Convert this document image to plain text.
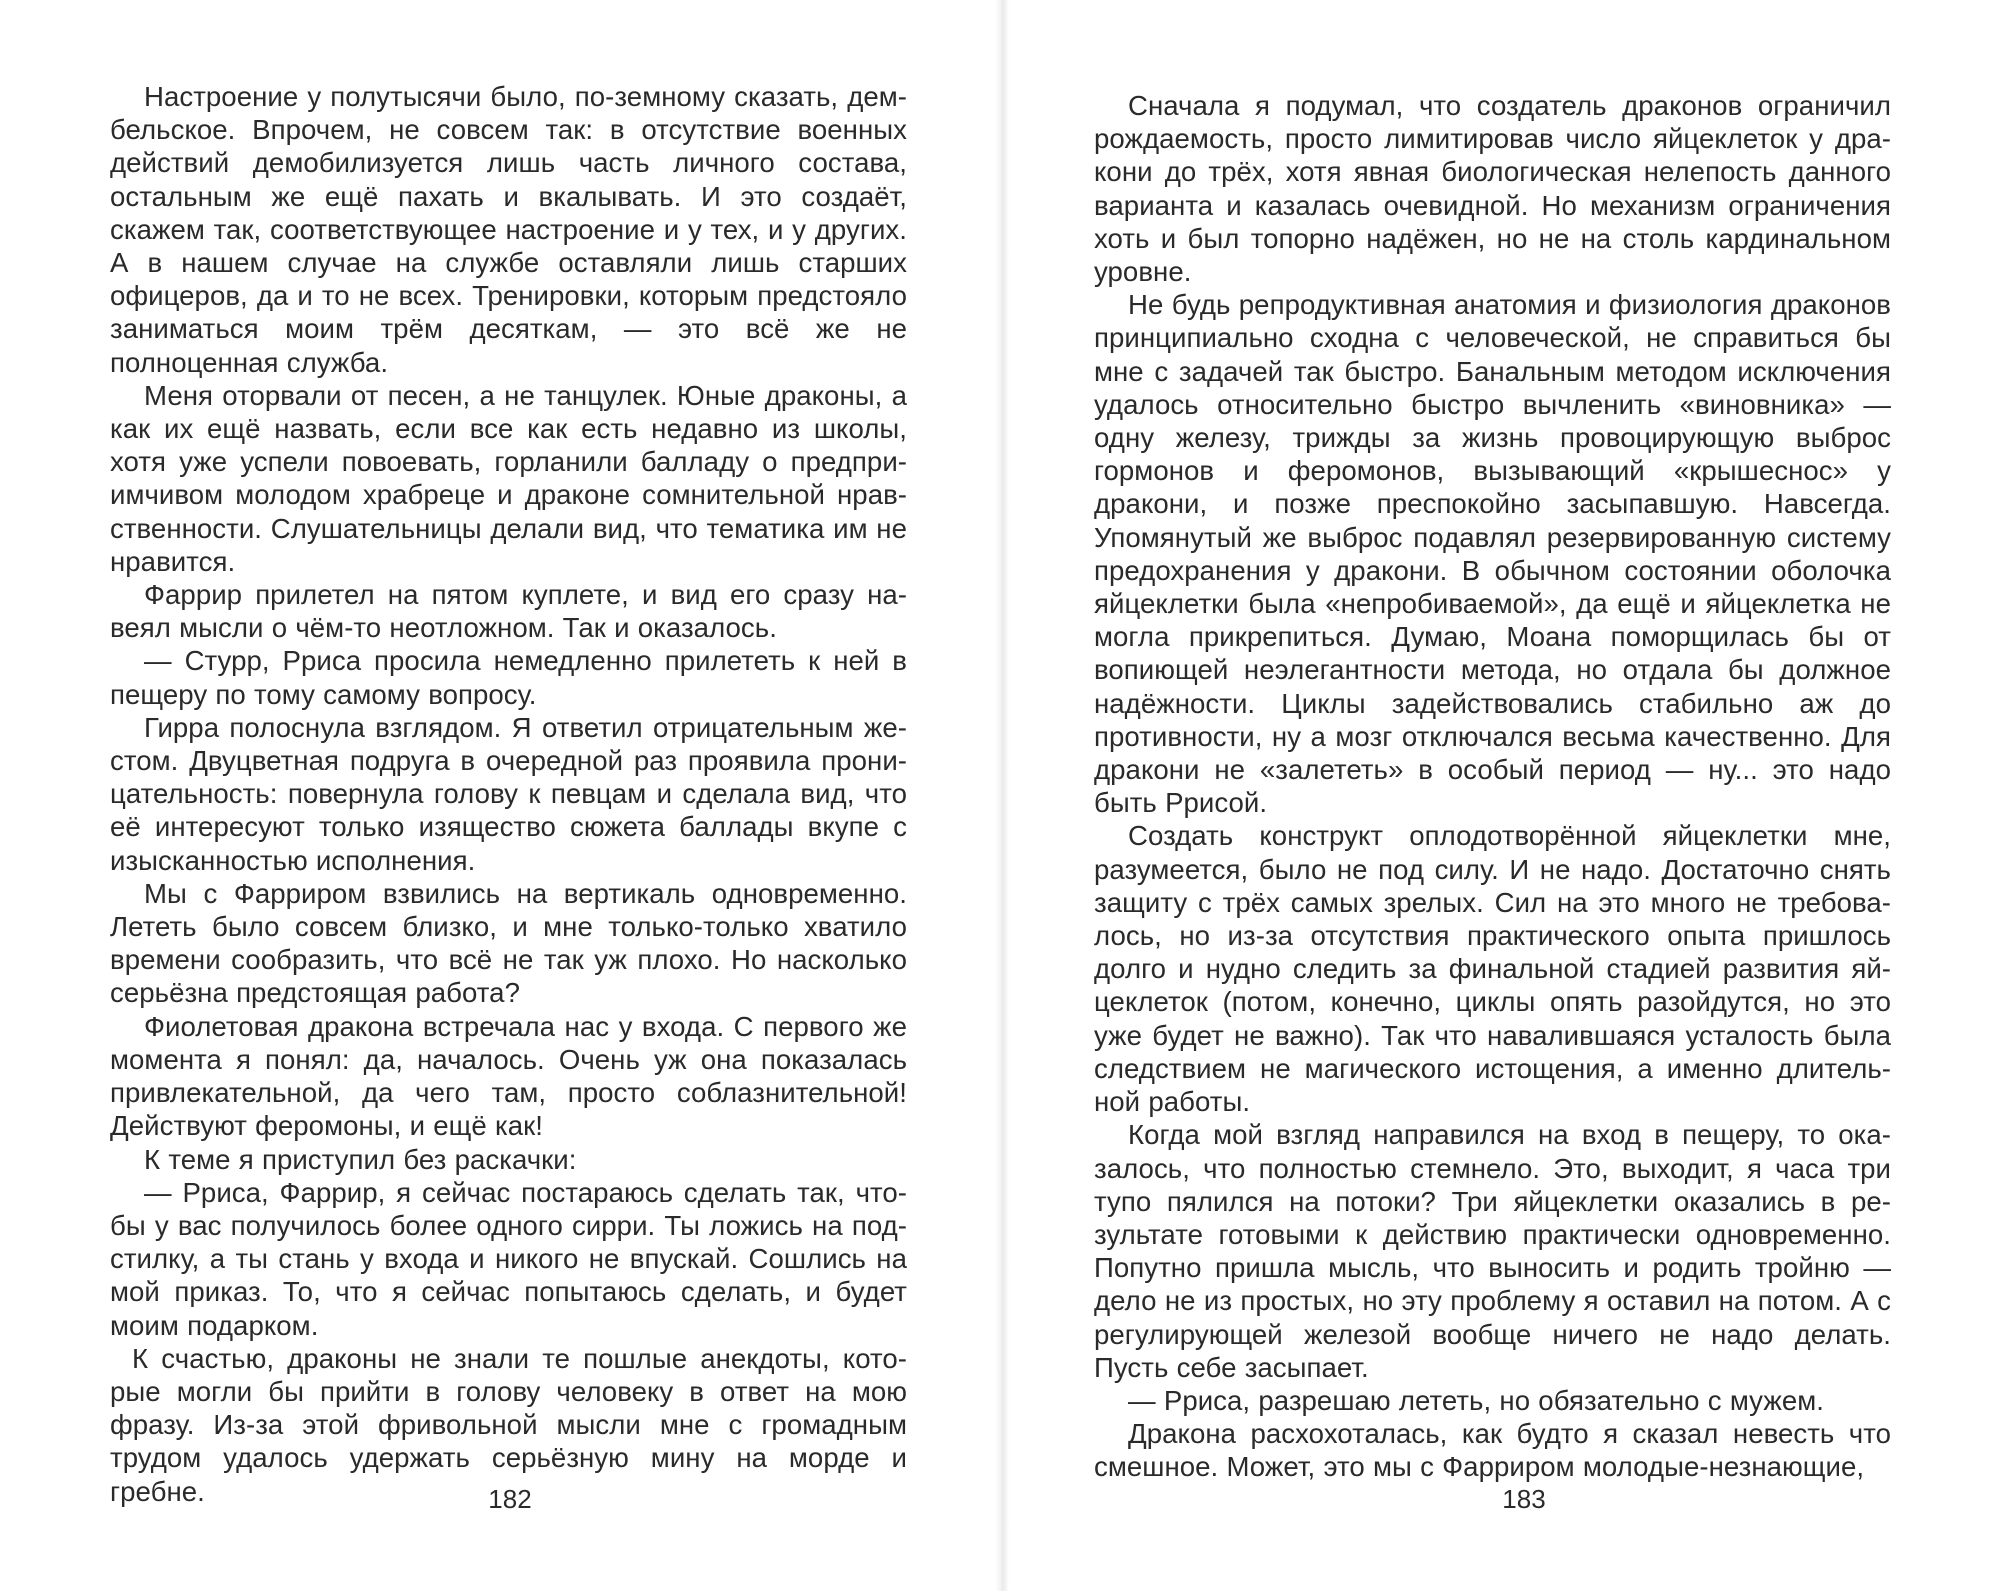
Настроение у полутысячи было, по-земному сказать, дембельское. Впрочем, не совсем так: в отсутствие военных действий демобилизуется лишь часть личного состава, остальным же ещё пахать и вкалывать. И это создаёт, скажем так, соответствующее настроение и у тех, и у других. А в нашем случае на службе оставляли лишь старших офицеров, да и то не всех. Тренировки, которым предстояло заниматься моим трём десяткам, — это всё же не полноценная служба.

Меня оторвали от песен, а не танцулек. Юные драконы, а как их ещё назвать, если все как есть недавно из школы, хотя уже успели повоевать, горланили балладу о предприимчивом молодом храбреце и драконе сомнительной нравственности. Слушательницы делали вид, что тематика им не нравится.

Фаррир прилетел на пятом куплете, и вид его сразу навеял мысли о чём-то неотложном. Так и оказалось.

— Стурр, Рриса просила немедленно прилететь к ней в пещеру по тому самому вопросу.

Гирра полоснула взглядом. Я ответил отрицательным жестом. Двуцветная подруга в очередной раз проявила проницательность: повернула голову к певцам и сделала вид, что её интересуют только изящество сюжета баллады вкупе с изысканностью исполнения.

Мы с Фарриром взвились на вертикаль одновременно. Лететь было совсем близко, и мне только-только хватило времени сообразить, что всё не так уж плохо. Но насколько серьёзна предстоящая работа?

Фиолетовая дракона встречала нас у входа. С первого же момента я понял: да, началось. Очень уж она показалась привлекательной, да чего там, просто соблазнительной! Действуют феромоны, и ещё как!

К теме я приступил без раскачки:

— Рриса, Фаррир, я сейчас постараюсь сделать так, чтобы у вас получилось более одного сирри. Ты ложись на подстилку, а ты стань у входа и никого не впускай. Сошлись на мой приказ. То, что я сейчас попытаюсь сделать, и будет моим подарком.

К счастью, драконы не знали те пошлые анекдоты, которые могли бы прийти в голову человеку в ответ на мою фразу. Из-за этой фривольной мысли мне с громадным трудом удалось удержать серьёзную мину на морде и гребне.	182

Сначала я подумал, что создатель драконов ограничил рождаемость, просто лимитировав число яйцеклеток у дракони до трёх, хотя явная биологическая нелепость данного варианта и казалась очевидной. Но механизм ограничения хоть и был топорно надёжен, но не на столь кардинальном уровне.

Не будь репродуктивная анатомия и физиология драконов принципиально сходна с человеческой, не справиться бы мне с задачей так быстро. Банальным методом исключения удалось относительно быстро вычленить «виновника» — одну железу, трижды за жизнь провоцирующую выброс гормонов и феромонов, вызывающий «крышеснос» у дракони, и позже преспокойно засыпавшую. Навсегда. Упомянутый же выброс подавлял резервированную систему предохранения у дракони. В обычном состоянии оболочка яйцеклетки была «непробиваемой», да ещё и яйцеклетка не могла прикрепиться. Думаю, Моана поморщилась бы от вопиющей неэлегантности метода, но отдала бы должное надёжности. Циклы задействовались стабильно аж до противности, ну а мозг отключался весьма качественно. Для дракони не «залететь» в особый период — ну... это надо быть Ррисой.

Создать конструкт оплодотворённой яйцеклетки мне, разумеется, было не под силу. И не надо. Достаточно снять защиту с трёх самых зрелых. Сил на это много не требовалось, но из-за отсутствия практического опыта пришлось долго и нудно следить за финальной стадией развития яйцеклеток (потом, конечно, циклы опять разойдутся, но это уже будет не важно). Так что навалившаяся усталость была следствием не магического истощения, а именно длительной работы.

Когда мой взгляд направился на вход в пещеру, то оказалось, что полностью стемнело. Это, выходит, я часа три тупо пялился на потоки? Три яйцеклетки оказались в результате готовыми к действию практически одновременно. Попутно пришла мысль, что выносить и родить тройню — дело не из простых, но эту проблему я оставил на потом. А с регулирующей железой вообще ничего не надо делать. Пусть себе засыпает.

— Рриса, разрешаю лететь, но обязательно с мужем.

Дракона расхохоталась, как будто я сказал невесть что смешное. Может, это мы с Фарриром молодые-незнающие,

183
